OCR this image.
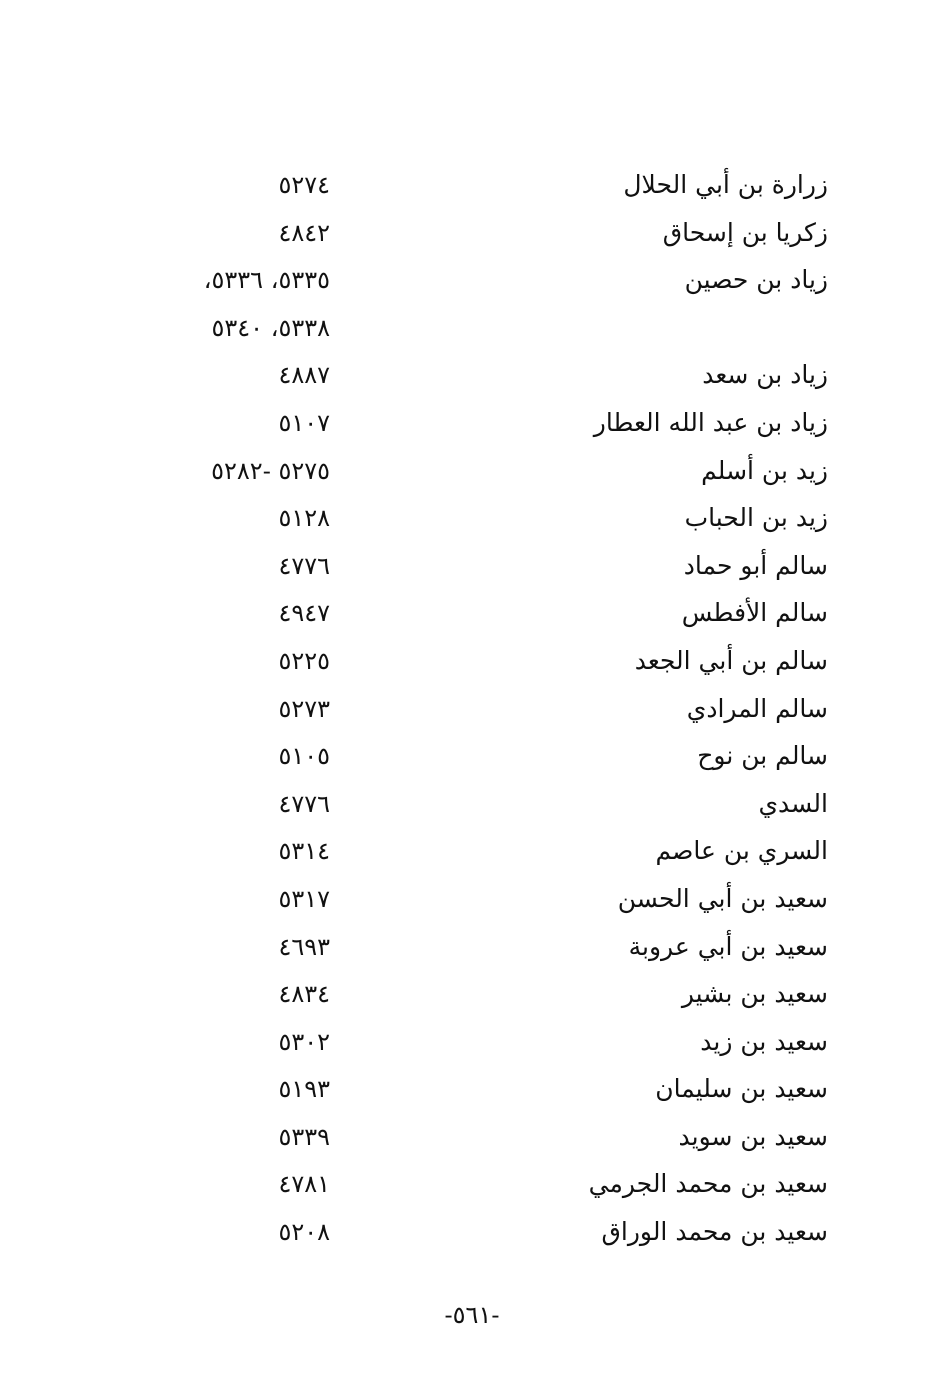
زرارة بن أبي الحلال
٥٢٧٤
زكريا بن إسحاق
٤٨٤٢
زياد بن حصين
٥٣٣٥، ٥٣٣٦،
٥٣٣٨، ٥٣٤٠
زياد بن سعد
٤٨٨٧
زياد بن عبد الله العطار
٥١٠٧
زيد بن أسلم
٥٢٧٥ -٥٢٨٢
زيد بن الحباب
٥١٢٨
سالم أبو حماد
٤٧٧٦
سالم الأفطس
٤٩٤٧
سالم بن أبي الجعد
٥٢٢٥
سالم المرادي
٥٢٧٣
سالم بن نوح
٥١٠٥
السدي
٤٧٧٦
السري بن عاصم
٥٣١٤
سعيد بن أبي الحسن
٥٣١٧
سعيد بن أبي عروبة
٤٦٩٣
سعيد بن بشير
٤٨٣٤
سعيد بن زيد
٥٣٠٢
سعيد بن سليمان
٥١٩٣
سعيد بن سويد
٥٣٣٩
سعيد بن محمد الجرمي
٤٧٨١
سعيد بن محمد الوراق
٥٢٠٨
-٥٦١-
